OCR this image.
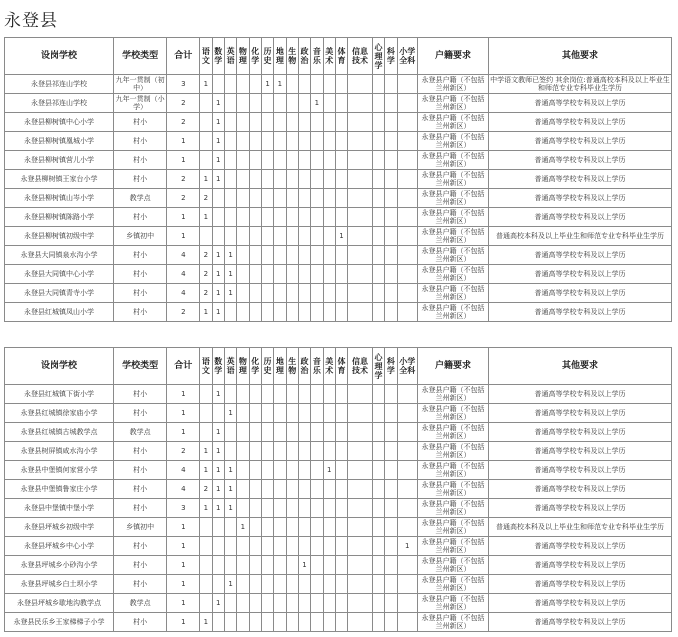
永登县
设岗学校	学校类型	合计	语文	数学	英语	物理	化学	历史	地理	生物	政治	音乐	美术	体育	信息技术	心理学	科学	小学全科	户籍要求	其他要求
永登县祁连山学校	九年一贯制（初中）	3	1					1	1										永登县户籍（不包括兰州新区）	中学语文教师已签约 其余岗位:普通高校本科及以上毕业生和师范专业专科毕业生学历
永登县祁连山学校	九年一贯制（小学）	2		1								1							永登县户籍（不包括兰州新区）	普通高等学校专科及以上学历
永登县柳树镇中心小学	村小	2		1															永登县户籍（不包括兰州新区）	普通高等学校专科及以上学历
永登县柳树镇凰城小学	村小	1		1															永登县户籍（不包括兰州新区）	普通高等学校专科及以上学历
永登县柳树镇营儿小学	村小	1		1															永登县户籍（不包括兰州新区）	普通高等学校专科及以上学历
永登县柳树镇王家台小学	村小	2	1	1															永登县户籍（不包括兰州新区）	普通高等学校专科及以上学历
永登县柳树镇山岑小学	教学点	2	2																永登县户籍（不包括兰州新区）	普通高等学校专科及以上学历
永登县柳树镇陈路小学	村小	1	1																永登县户籍（不包括兰州新区）	普通高等学校专科及以上学历
永登县柳树镇初级中学	乡镇初中	1												1					永登县户籍（不包括兰州新区）	普通高校本科及以上毕业生和师范专业专科毕业生学历
永登县大同镇泉水沟小学	村小	4	2	1	1														永登县户籍（不包括兰州新区）	普通高等学校专科及以上学历
永登县大同镇中心小学	村小	4	2	1	1														永登县户籍（不包括兰州新区）	普通高等学校专科及以上学历
永登县大同镇青寺小学	村小	4	2	1	1														永登县户籍（不包括兰州新区）	普通高等学校专科及以上学历
永登县红城镇凤山小学	村小	2	1	1															永登县户籍（不包括兰州新区）	普通高等学校专科及以上学历
设岗学校	学校类型	合计	语文	数学	英语	物理	化学	历史	地理	生物	政治	音乐	美术	体育	信息技术	心理学	科学	小学全科	户籍要求	其他要求
永登县红城镇下街小学	村小	1		1															永登县户籍（不包括兰州新区）	普通高等学校专科及以上学历
永登县红城镇徐家庙小学	村小	1			1														永登县户籍（不包括兰州新区）	普通高等学校专科及以上学历
永登县红城镇古城教学点	教学点	1		1															永登县户籍（不包括兰州新区）	普通高等学校专科及以上学历
永登县树屏镇咸水沟小学	村小	2	1	1															永登县户籍（不包括兰州新区）	普通高等学校专科及以上学历
永登县中堡镇何家营小学	村小	4	1	1	1								1						永登县户籍（不包括兰州新区）	普通高等学校专科及以上学历
永登县中堡镇鲁家庄小学	村小	4	2	1	1														永登县户籍（不包括兰州新区）	普通高等学校专科及以上学历
永登县中堡镇中堡小学	村小	3	1	1	1														永登县户籍（不包括兰州新区）	普通高等学校专科及以上学历
永登县坪城乡初级中学	乡镇初中	1				1													永登县户籍（不包括兰州新区）	普通高校本科及以上毕业生和师范专业专科毕业生学历
永登县坪城乡中心小学	村小	1																1	永登县户籍（不包括兰州新区）	普通高等学校专科及以上学历
永登县坪城乡小砂沟小学	村小	1									1								永登县户籍（不包括兰州新区）	普通高等学校专科及以上学历
永登县坪城乡白土坝小学	村小	1			1														永登县户籍（不包括兰州新区）	普通高等学校专科及以上学历
永登县坪城乡歇地沟教学点	教学点	1		1															永登县户籍（不包括兰州新区）	普通高等学校专科及以上学历
永登县民乐乡王家梯梯子小学	村小	1	1																永登县户籍（不包括兰州新区）	普通高等学校专科及以上学历
